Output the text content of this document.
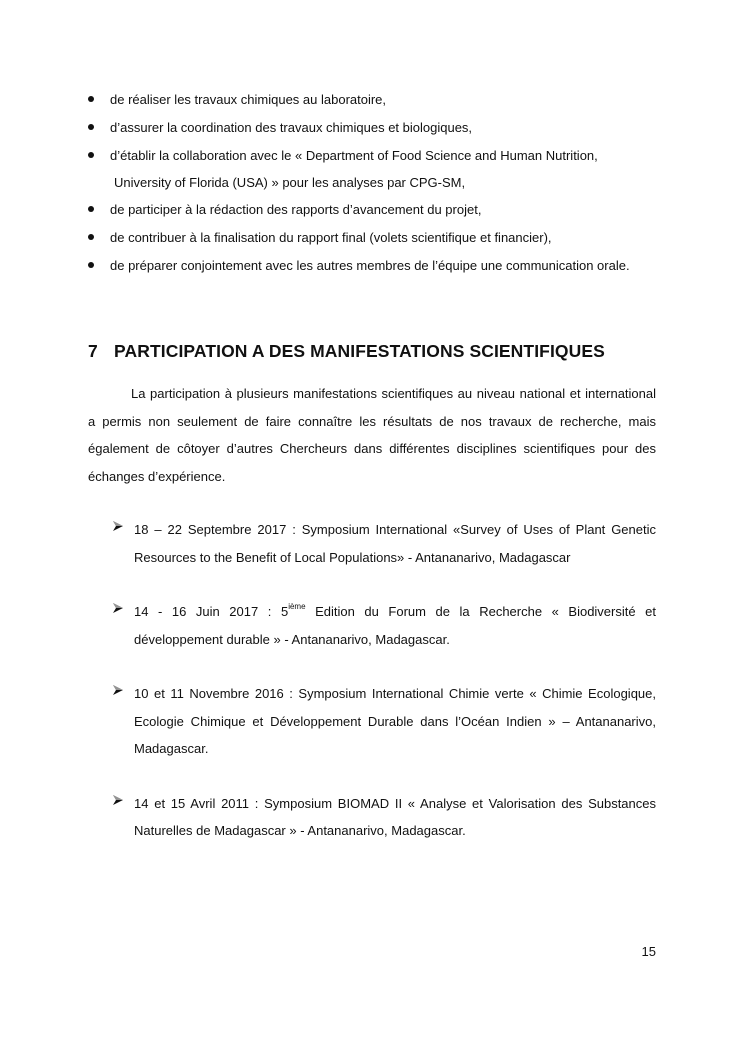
de réaliser les travaux chimiques au laboratoire,
d’assurer la coordination des travaux chimiques et biologiques,
d’établir la collaboration avec le « Department of Food Science and Human Nutrition,
University of Florida (USA) » pour les analyses par CPG-SM,
de participer à la rédaction des rapports d’avancement du projet,
de contribuer à la finalisation du rapport final (volets scientifique et financier),
de préparer conjointement avec les autres membres de l’équipe une communication orale.
7 PARTICIPATION A DES MANIFESTATIONS SCIENTIFIQUES

La participation à plusieurs manifestations scientifiques au niveau national et international a permis non seulement de faire connaître les résultats de nos travaux de recherche, mais également de côtoyer d’autres Chercheurs dans différentes disciplines scientifiques pour des échanges d’expérience.

18 – 22 Septembre 2017 : Symposium International «Survey of Uses of Plant Genetic Resources to the Benefit of Local Populations» - Antananarivo, Madagascar
14 - 16 Juin 2017 : 5ième Edition du Forum de la Recherche « Biodiversité et développement durable » - Antananarivo, Madagascar.
10 et 11 Novembre 2016 : Symposium International Chimie verte « Chimie Ecologique, Ecologie Chimique et Développement Durable dans l’Océan Indien » – Antananarivo, Madagascar.
14 et 15 Avril 2011 : Symposium BIOMAD II « Analyse et Valorisation des Substances Naturelles de Madagascar » - Antananarivo, Madagascar.
15
